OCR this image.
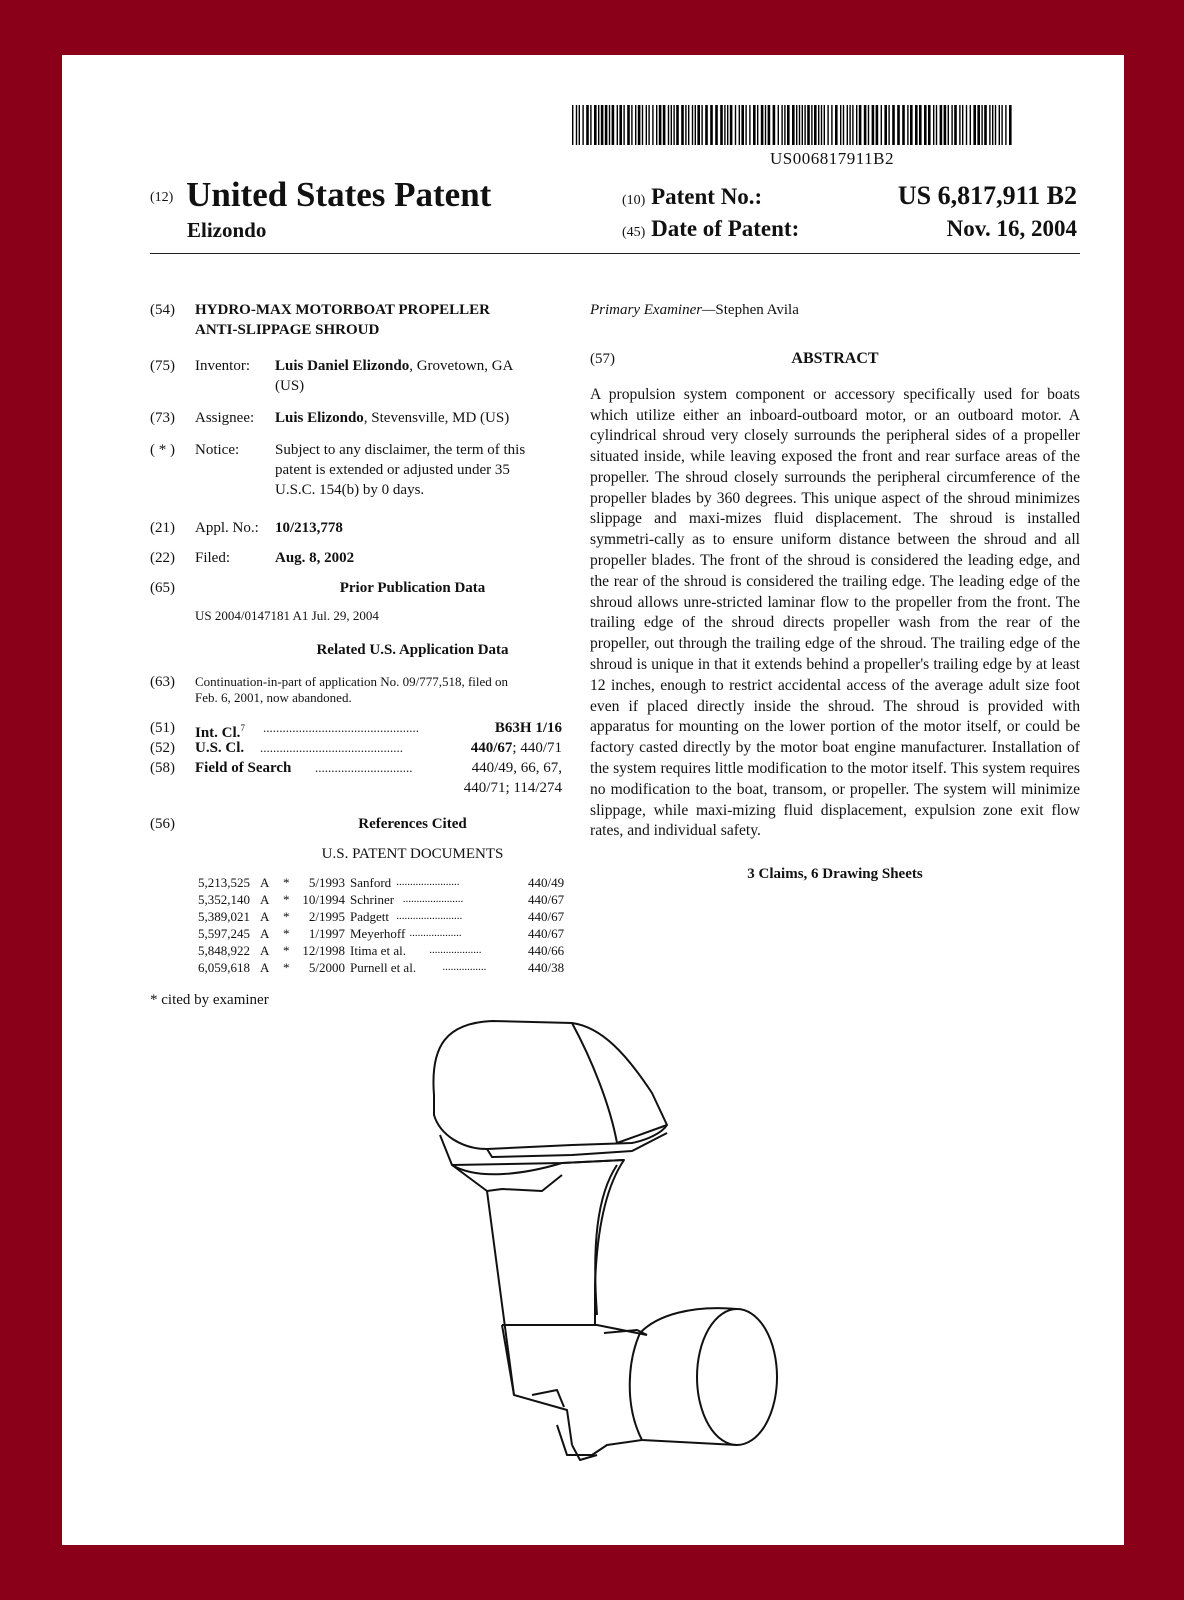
US006817911B2
(12) United States Patent
Elizondo
(10) Patent No.:	US 6,817,911 B2
(45) Date of Patent:	Nov. 16, 2004
(54)	HYDRO-MAX MOTORBOAT PROPELLER
ANTI-SLIPPAGE SHROUD
(75)	Inventor: Luis Daniel Elizondo, Grovetown, GA
(US)
(73)	Assignee: Luis Elizondo, Stevensville, MD (US)
( * )	Notice: Subject to any disclaimer, the term of this
patent is extended or adjusted under 35
U.S.C. 154(b) by 0 days.
(21)	Appl. No.: 10/213,778
(22)	Filed:	Aug. 8, 2002
(65)	Prior Publication Data
US 2004/0147181 A1 Jul. 29, 2004
Related U.S. Application Data
(63)	Continuation-in-part of application No. 09/777,518, filed on
Feb. 6, 2001, now abandoned.
(51) Int. Cl.$^7$ ................................................	B63H 1/16
(52) U.S. Cl. ............................................	440/67; 440/71
(58) Field of Search ..............................	440/49, 66, 67,
440/71; 114/274
(56)	References Cited
U.S. PATENT DOCUMENTS
5,213,525 A * 5/1993 Sanford .......................	440/49
5,352,140 A * 10/1994 Schriner ......................	440/67
5,389,021 A * 2/1995 Padgett ........................	440/67
5,597,245 A * 1/1997 Meyerhoff ...................	440/67
5,848,922 A * 12/1998 Itima et al. ...................	440/66
6,059,618 A * 5/2000 Purnell et al. ................	440/38
* cited by examiner
Primary Examiner—Stephen Avila
(57)	ABSTRACT
A propulsion system component or accessory specifically used for boats which utilize either an inboard-outboard motor, or an outboard motor. A cylindrical shroud very closely surrounds the peripheral sides of a propeller situated inside, while leaving exposed the front and rear surface areas of the propeller. The shroud closely surrounds the peripheral circumference of the propeller blades by 360 degrees. This unique aspect of the shroud minimizes slippage and maxi-mizes fluid displacement. The shroud is installed symmetri-cally as to ensure uniform distance between the shroud and all propeller blades. The front of the shroud is considered the leading edge, and the rear of the shroud is considered the trailing edge. The leading edge of the shroud allows unre-stricted laminar flow to the propeller from the front. The trailing edge of the shroud directs propeller wash from the rear of the propeller, out through the trailing edge of the shroud. The trailing edge of the shroud is unique in that it extends behind a propeller's trailing edge by at least 12 inches, enough to restrict accidental access of the average adult size foot even if placed directly inside the shroud. The shroud is provided with apparatus for mounting on the lower portion of the motor itself, or could be factory casted directly by the motor boat engine manufacturer. Installation of the system requires little modification to the motor itself. This system requires no modification to the boat, transom, or propeller. The system will minimize slippage, while maxi-mizing fluid displacement, expulsion zone exit flow rates, and individual safety.
3 Claims, 6 Drawing Sheets
